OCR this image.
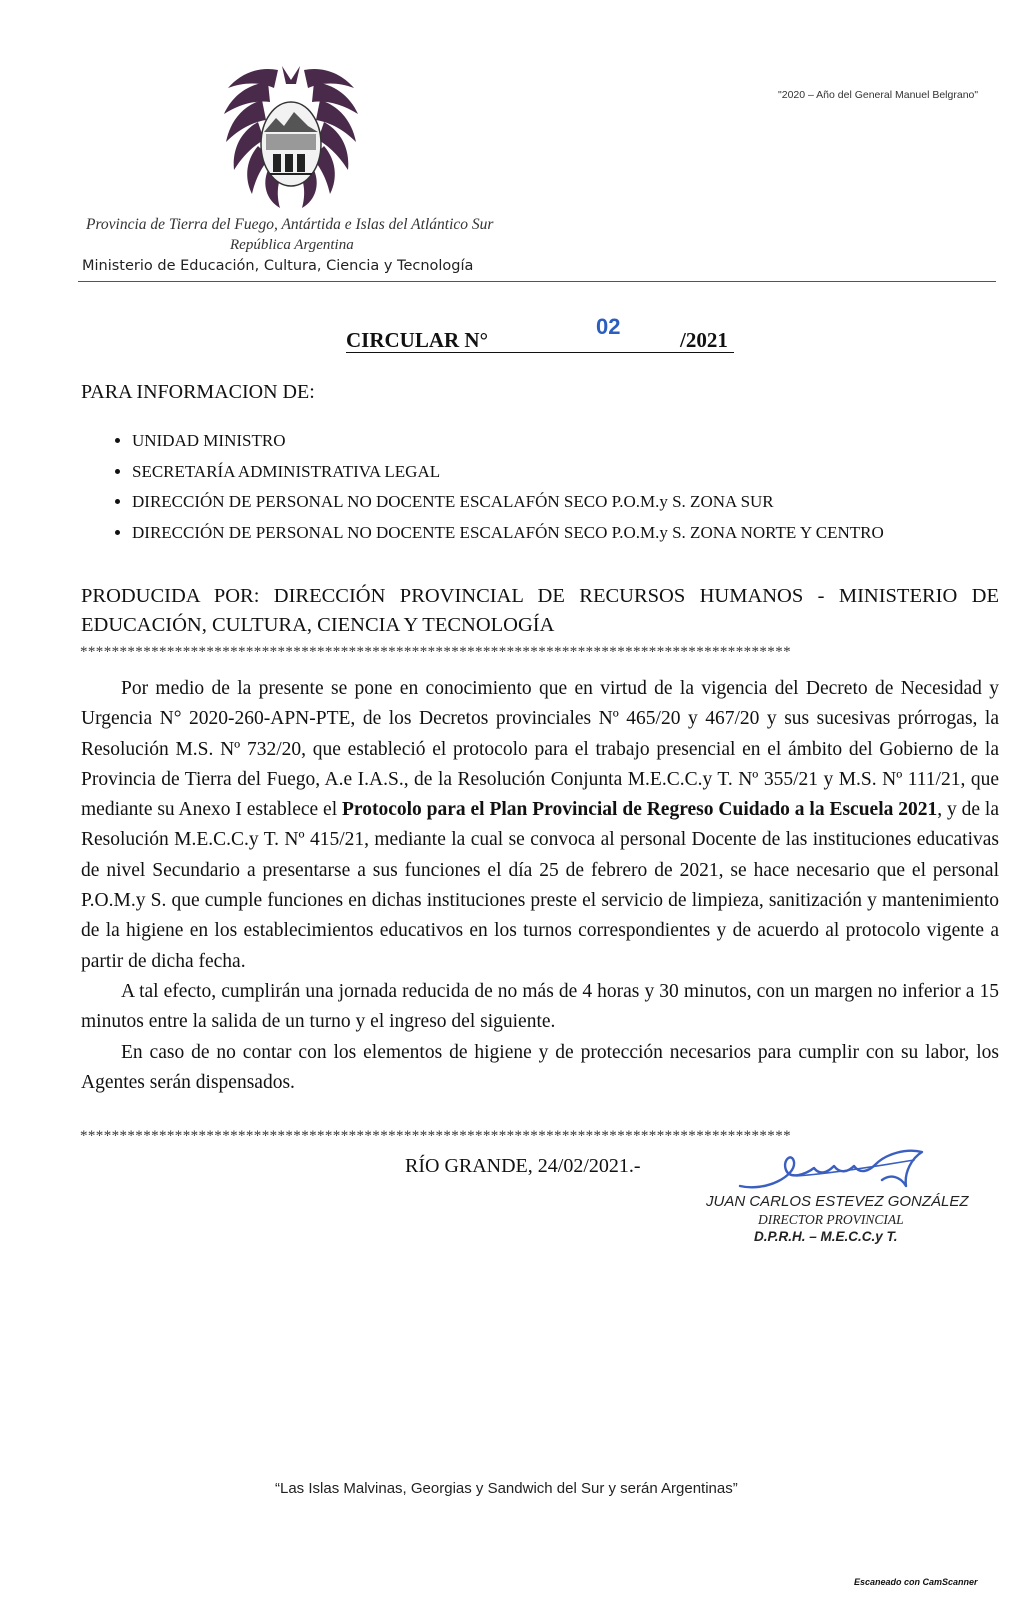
Provincia de Tierra del Fuego, Antártida e Islas del Atlántico Sur
República Argentina
Ministerio de Educación, Cultura, Ciencia y Tecnología
"2020 – Año del General Manuel Belgrano"
CIRCULAR N°
02
/2021
PARA INFORMACION DE:
• UNIDAD MINISTRO
• SECRETARÍA ADMINISTRATIVA LEGAL
• DIRECCIÓN DE PERSONAL NO DOCENTE ESCALAFÓN SECO P.O.M.y S. ZONA SUR
• DIRECCIÓN DE PERSONAL NO DOCENTE ESCALAFÓN SECO P.O.M.y S. ZONA NORTE Y CENTRO
PRODUCIDA POR: DIRECCIÓN PROVINCIAL DE RECURSOS HUMANOS - MINISTERIO DE EDUCACIÓN, CULTURA, CIENCIA Y TECNOLOGÍA
******************************************************************************************

Por medio de la presente se pone en conocimiento que en virtud de la vigencia del Decreto de Necesidad y Urgencia N° 2020-260-APN-PTE, de los Decretos provinciales Nº 465/20 y 467/20 y sus sucesivas prórrogas, la Resolución M.S. Nº 732/20, que estableció el protocolo para el trabajo presencial en el ámbito del Gobierno de la Provincia de Tierra del Fuego, A.e I.A.S., de la Resolución Conjunta M.E.C.C.y T. Nº 355/21 y M.S. Nº 111/21, que mediante su Anexo I establece el Protocolo para el Plan Provincial de Regreso Cuidado a la Escuela 2021, y de la Resolución M.E.C.C.y T. Nº 415/21, mediante la cual se convoca al personal Docente de las instituciones educativas de nivel Secundario a presentarse a sus funciones el día 25 de febrero de 2021, se hace necesario que el personal P.O.M.y S. que cumple funciones en dichas instituciones preste el servicio de limpieza, sanitización y mantenimiento de la higiene en los establecimientos educativos en los turnos correspondientes y de acuerdo al protocolo vigente a partir de dicha fecha.

A tal efecto, cumplirán una jornada reducida de no más de 4 horas y 30 minutos, con un margen no inferior a 15 minutos entre la salida de un turno y el ingreso del siguiente.

En caso de no contar con los elementos de higiene y de protección necesarios para cumplir con su labor, los Agentes serán dispensados.

******************************************************************************************
RÍO GRANDE, 24/02/2021.-
JUAN CARLOS ESTEVEZ GONZÁLEZ
DIRECTOR PROVINCIAL
D.P.R.H. – M.E.C.C.y T.
“Las Islas Malvinas, Georgias y Sandwich del Sur y serán Argentinas”
Escaneado con CamScanner
